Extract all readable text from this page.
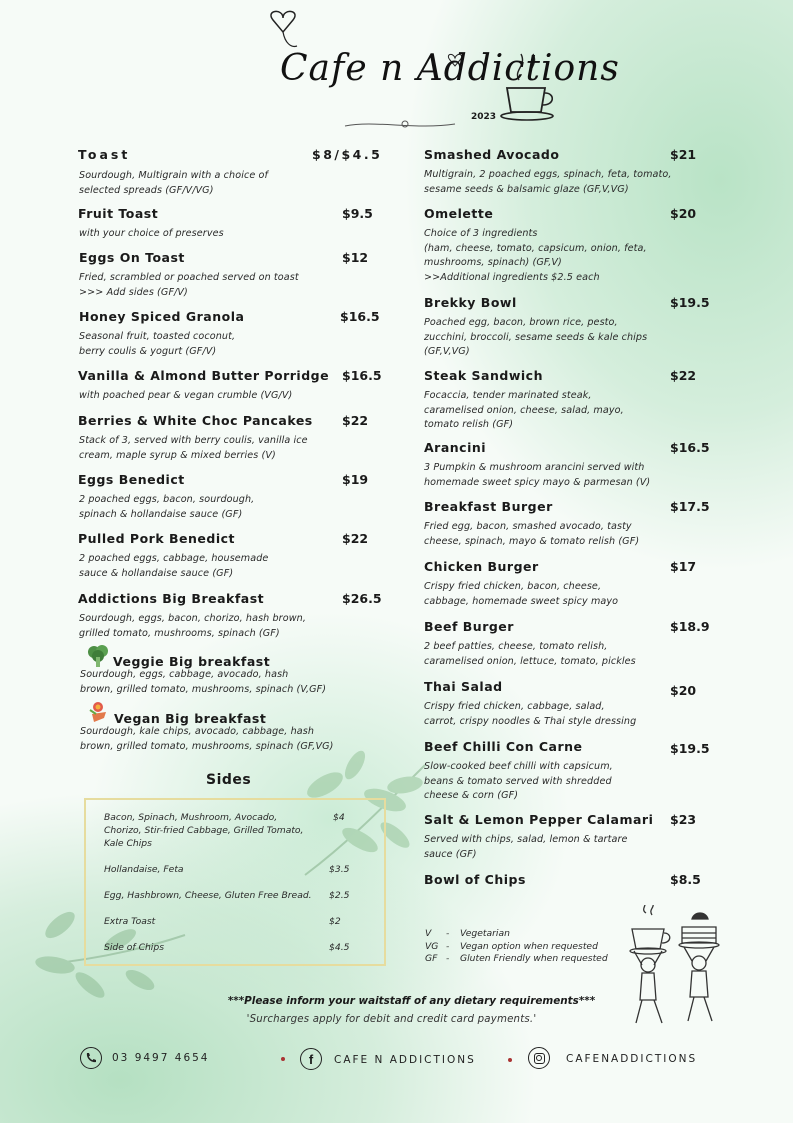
Cafe n Addictions
2023
Toast	$8/$4.5
Sourdough, Multigrain with a choice of
selected spreads (GF/V/VG)
Fruit Toast	$9.5
with your choice of preserves
Eggs On Toast	$12
Fried, scrambled or poached served on toast
>>> Add sides (GF/V)
Honey Spiced Granola	$16.5
Seasonal fruit, toasted coconut,
berry coulis & yogurt (GF/V)
Vanilla & Almond Butter Porridge $16.5
with poached pear & vegan crumble (VG/V)
Berries & White Choc Pancakes $22
Stack of 3, served with berry coulis, vanilla ice
cream, maple syrup & mixed berries (V)
Eggs Benedict	$19
2 poached eggs, bacon, sourdough,
spinach & hollandaise sauce (GF)
Pulled Pork Benedict	$22
2 poached eggs, cabbage, housemade
sauce & hollandaise sauce (GF)
Addictions Big Breakfast	$26.5
Sourdough, eggs, bacon, chorizo, hash brown,
grilled tomato, mushrooms, spinach (GF)
Veggie Big breakfast
Sourdough, eggs, cabbage, avocado, hash
brown, grilled tomato, mushrooms, spinach (V,GF)
Vegan Big breakfast
Sourdough, kale chips, avocado, cabbage, hash
brown, grilled tomato, mushrooms, spinach (GF,VG)
Smashed Avocado	$21
Multigrain, 2 poached eggs, spinach, feta, tomato,
sesame seeds & balsamic glaze (GF,V,VG)
Omelette	$20
Choice of 3 ingredients
(ham, cheese, tomato, capsicum, onion, feta,
mushrooms, spinach) (GF,V)
>>Additional ingredients $2.5 each
Brekky Bowl	$19.5
Poached egg, bacon, brown rice, pesto,
zucchini, broccoli, sesame seeds & kale chips
(GF,V,VG)
Steak Sandwich	$22
Focaccia, tender marinated steak,
caramelised onion, cheese, salad, mayo,
tomato relish (GF)
Arancini	$16.5
3 Pumpkin & mushroom arancini served with
homemade sweet spicy mayo & parmesan (V)
Breakfast Burger	$17.5
Fried egg, bacon, smashed avocado, tasty
cheese, spinach, mayo & tomato relish (GF)
Chicken Burger	$17
Crispy fried chicken, bacon, cheese,
cabbage, homemade sweet spicy mayo
Beef Burger	$18.9
2 beef patties, cheese, tomato relish,
caramelised onion, lettuce, tomato, pickles
Thai Salad	$20
Crispy fried chicken, cabbage, salad,
carrot, crispy noodles & Thai style dressing
Beef Chilli Con Carne	$19.5
Slow-cooked beef chilli with capsicum,
beans & tomato served with shredded
cheese & corn (GF)
Salt & Lemon Pepper Calamari $23
Served with chips, salad, lemon & tartare
sauce (GF)
Bowl of Chips	$8.5
Sides
Bacon, Spinach, Mushroom, Avocado,
Chorizo, Stir-fried Cabbage, Grilled Tomato,
Kale Chips
$4
Hollandaise, Feta	$3.5
Egg, Hashbrown, Cheese, Gluten Free Bread. $2.5
Extra Toast	$2
Side of Chips	$4.5
V - Vegetarian
VG - Vegan option when requested
GF - Gluten Friendly when requested
***Please inform your waitstaff of any dietary requirements***
'Surcharges apply for debit and credit card payments.'
03 9497 4654	f CAFE N ADDICTIONS	CAFENADDICTIONS
